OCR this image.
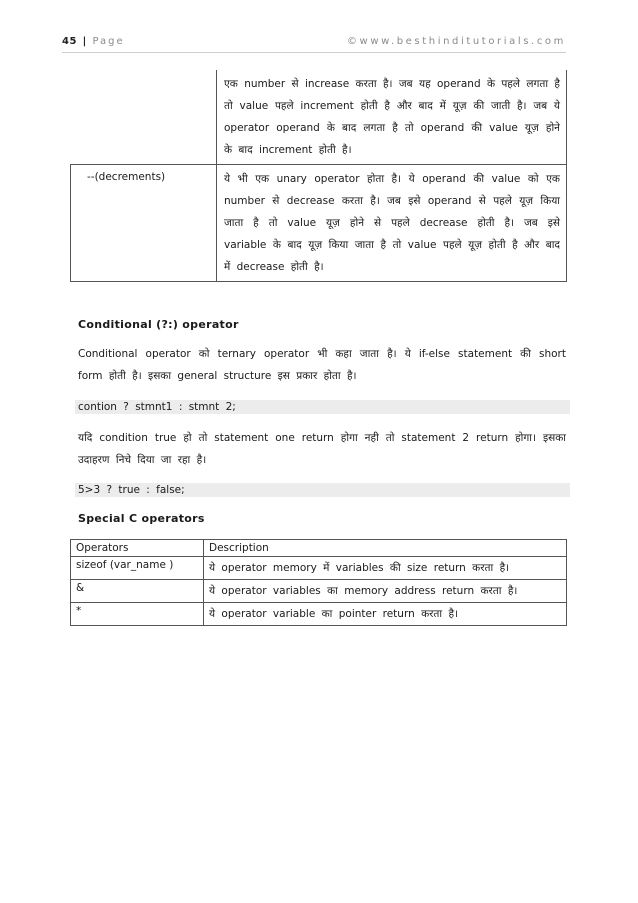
45 | Page	©www.besthinditutorials.com
	एक number से increase करता है। जब यह operand के पहले लगता है तो value पहले increment होती है और बाद में यूज़ की जाती है। जब ये operator operand के बाद लगता है तो operand की value यूज़ होने के बाद increment होती है।
--(decrements)	ये भी एक unary operator होता है। ये operand की value को एक number से decrease करता है। जब इसे operand से पहले यूज़ किया जाता है तो value यूज़ होने से पहले decrease होती है। जब इसे variable के बाद यूज़ किया जाता है तो value पहले यूज़ होती है और बाद में decrease होती है।
Conditional (?:) operator
Conditional operator को ternary operator भी कहा जाता है। ये if-else statement की short form होती है। इसका general structure इस प्रकार होता है।
contion ? stmnt1 : stmnt 2;
यदि condition true हो तो statement one return होगा नही तो statement 2 return होगा। इसका उदाहरण निचे दिया जा रहा है।
5>3 ? true : false;
Special C operators
Operators	Description
sizeof (var_name )	ये operator memory में variables की size return करता है।
&	ये operator variables का memory address return करता है।
*	ये operator variable का pointer return करता है।
